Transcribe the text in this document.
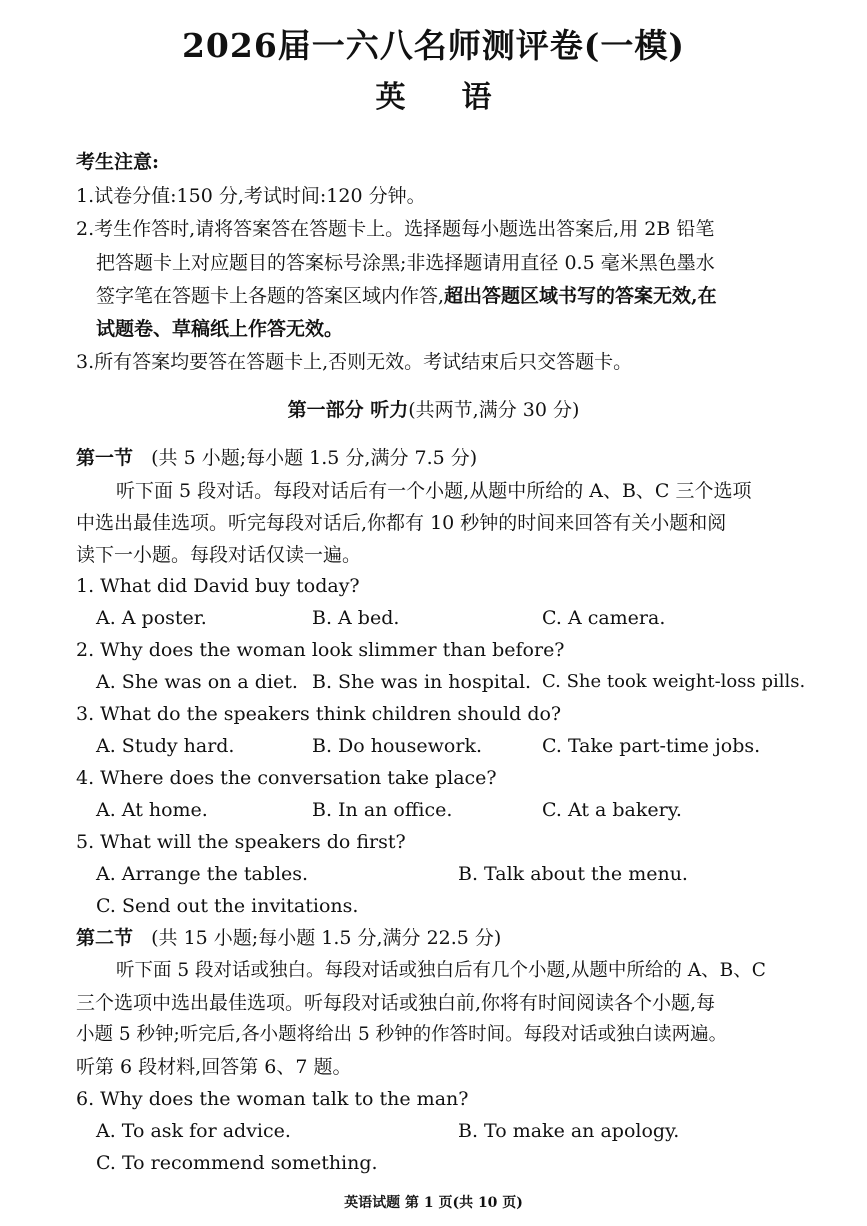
2026届一六八名师测评卷(一模)
英 语
考生注意:
1.试卷分值:150 分,考试时间:120 分钟。
2.考生作答时,请将答案答在答题卡上。选择题每小题选出答案后,用 2B 铅笔
把答题卡上对应题目的答案标号涂黑;非选择题请用直径 0.5 毫米黑色墨水
签字笔在答题卡上各题的答案区域内作答,超出答题区域书写的答案无效,在
试题卷、草稿纸上作答无效。
3.所有答案均要答在答题卡上,否则无效。考试结束后只交答题卡。
第一部分 听力(共两节,满分 30 分)
第一节 (共 5 小题;每小题 1.5 分,满分 7.5 分)
听下面 5 段对话。每段对话后有一个小题,从题中所给的 A、B、C 三个选项
中选出最佳选项。听完每段对话后,你都有 10 秒钟的时间来回答有关小题和阅
读下一小题。每段对话仅读一遍。
1. What did David buy today?
A. A poster.	B. A bed.	C. A camera.
2. Why does the woman look slimmer than before?
A. She was on a diet. B. She was in hospital. C. She took weight-loss pills.
3. What do the speakers think children should do?
A. Study hard.	B. Do housework.	C. Take part-time jobs.
4. Where does the conversation take place?
A. At home.	B. In an office.	C. At a bakery.
5. What will the speakers do first?
A. Arrange the tables.	B. Talk about the menu.
C. Send out the invitations.
第二节 (共 15 小题;每小题 1.5 分,满分 22.5 分)
听下面 5 段对话或独白。每段对话或独白后有几个小题,从题中所给的 A、B、C
三个选项中选出最佳选项。听每段对话或独白前,你将有时间阅读各个小题,每
小题 5 秒钟;听完后,各小题将给出 5 秒钟的作答时间。每段对话或独白读两遍。
听第 6 段材料,回答第 6、7 题。
6. Why does the woman talk to the man?
A. To ask for advice.	B. To make an apology.
C. To recommend something.
英语试题 第 1 页(共 10 页)
